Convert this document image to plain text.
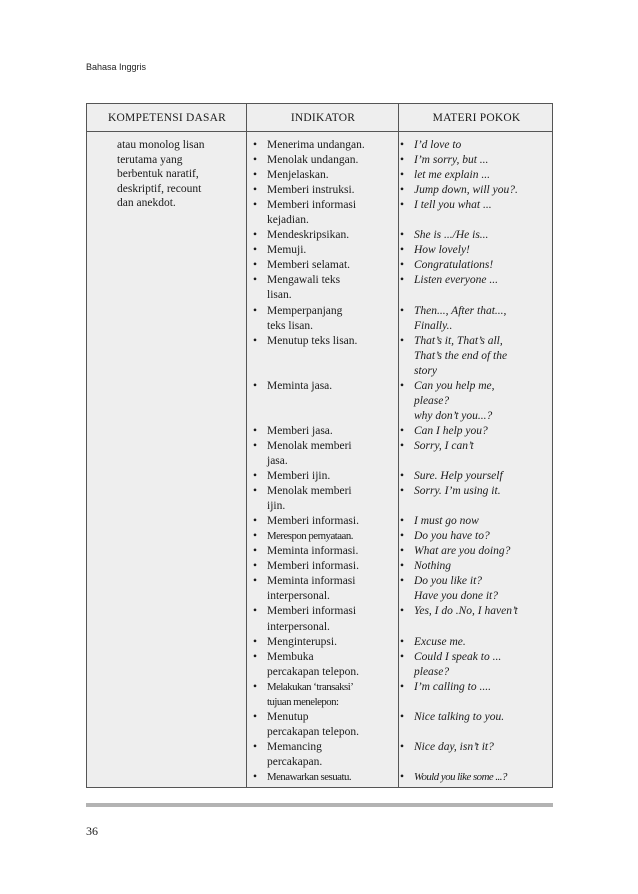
Bahasa Inggris
KOMPETENSI DASAR	INDIKATOR	MATERI POKOK
atau monolog lisan
terutama yang
berbentuk naratif,
deskriptif, recount
dan anekdot.
• Menerima undangan.
• Menolak undangan.
• Menjelaskan.
• Memberi instruksi.
• Memberi informasi

kejadian.
• Mendeskripsikan.
• Memuji.
• Memberi selamat.
• Mengawali teks

lisan.
• Memperpanjang

teks lisan.
• Menutup teks lisan.

• Meminta jasa.

• Memberi jasa.
• Menolak memberi

jasa.
• Memberi ijin.
• Menolak memberi

ijin.
• Memberi informasi.
• Merespon pernyataan.
• Meminta informasi.
• Memberi informasi.
• Meminta informasi

interpersonal.
• Memberi informasi

interpersonal.
• Menginterupsi.
• Membuka

percakapan telepon.
• Melakukan ‘transaksi’

tujuan menelepon:
• Menutup

percakapan telepon.
• Memancing

percakapan.
• Menawarkan sesuatu.
• I’d love to
• I’m sorry, but ...
• let me explain ...
• Jump down, will you?.
• I tell you what ...

• She is .../He is...
• How lovely!
• Congratulations!
• Listen everyone ...

• Then..., After that...,

Finally..
• That’s it, That’s all,

That’s the end of the

story
• Can you help me,

please?

why don’t you...?
• Can I help you?
• Sorry, I can’t

• Sure. Help yourself
• Sorry. I’m using it.

• I must go now
• Do you have to?
• What are you doing?
• Nothing
• Do you like it?

Have you done it?
• Yes, I do .No, I haven’t

• Excuse me.
• Could I speak to ...

please?
• I’m calling to ....

• Nice talking to you.

• Nice day, isn’t it?

• Would you like some ...?
36
